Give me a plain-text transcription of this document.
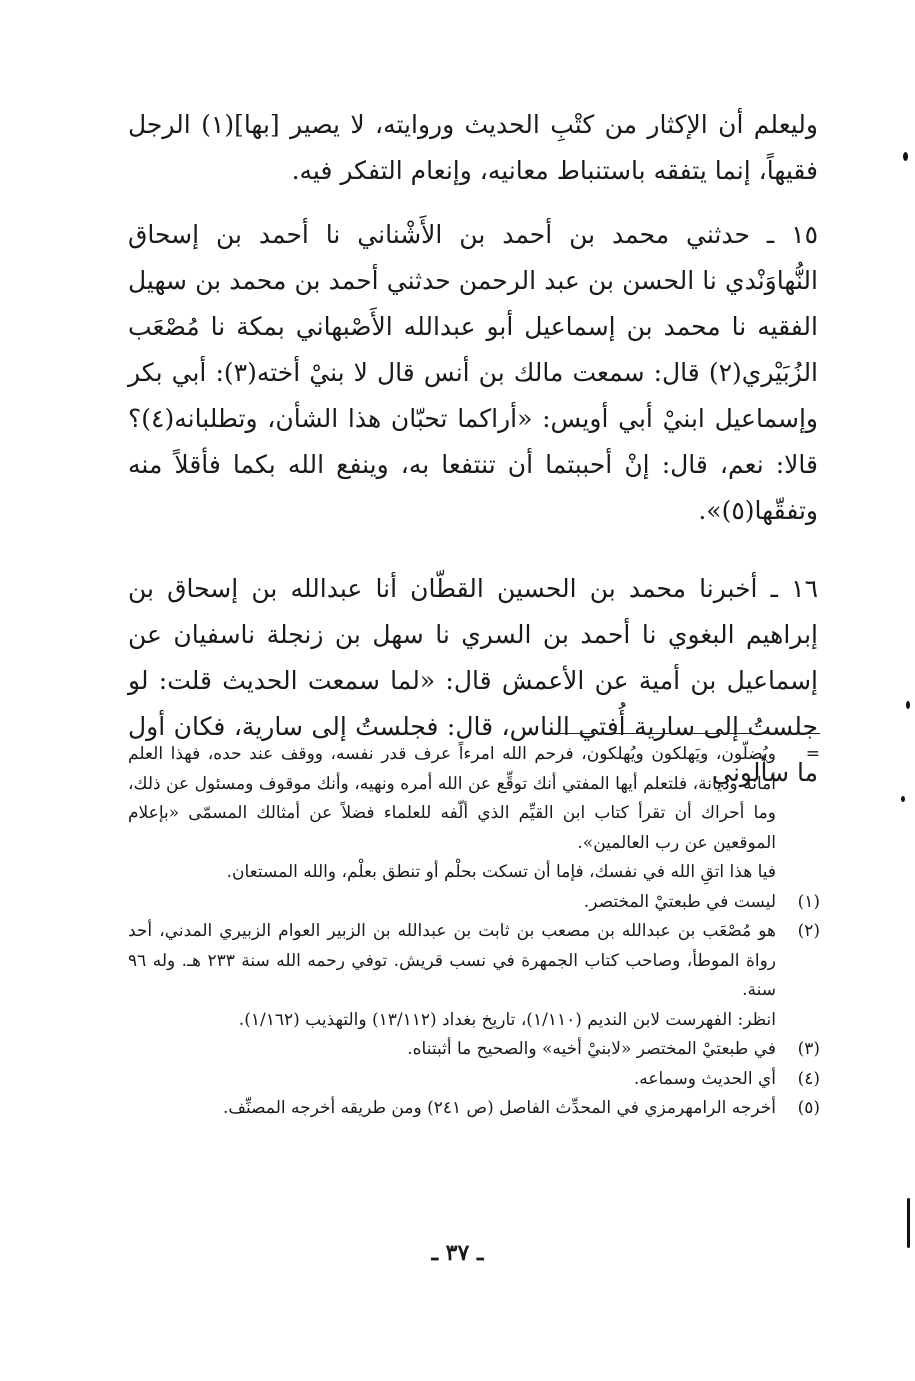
وليعلم أن الإكثار من كتْبِ الحديث وروايته، لا يصير [بها](١) الرجل فقيهاً، إنما يتفقه باستنباط معانيه، وإنعام التفكر فيه.

١٥ ـ حدثني محمد بن أحمد بن الأَشْناني نا أحمد بن إسحاق النُّهاوَنْدي نا الحسن بن عبد الرحمن حدثني أحمد بن محمد بن سهيل الفقيه نا محمد بن إسماعيل أبو عبدالله الأَصْبهاني بمكة نا مُصْعَب الزُبَيْري(٢) قال: سمعت مالك بن أنس قال لا بنيْ أخته(٣): أبي بكر وإسماعيل ابنيْ أبي أويس: «أراكما تحبّان هذا الشأن، وتطلبانه(٤)؟ قالا: نعم، قال: إنْ أحببتما أن تنتفعا به، وينفع الله بكما فأقلاً منه وتفقّها(٥)».

١٦ ـ أخبرنا محمد بن الحسين القطّان أنا عبدالله بن إسحاق بن إبراهيم البغوي نا أحمد بن السري نا سهل بن زنجلة ناسفيان عن إسماعيل بن أمية عن الأعمش قال: «لما سمعت الحديث قلت: لو جلستُ إلى سارية أُفتي الناس، قال: فجلستُ إلى سارية، فكان أول ما سألوني

=
ويُضلّون، ويَهلكون ويُهلكون، فرحم الله امرءاً عرف قدر نفسه، ووقف عند حده، فهذا العلم أمانة وديانة، فلتعلم أيها المفتي أنك توقِّع عن الله أمره ونهيه، وأنك موقوف ومسئول عن ذلك، وما أحراك أن تقرأ كتاب ابن القيِّم الذي ألّفه للعلماء فضلاً عن أمثالك المسمّى «بإعلام الموقعين عن رب العالمين».
فيا هذا اتقِ الله في نفسك، فإما أن تسكت بحلْم أو تنطق بعلْم، والله المستعان.
(١)
ليست في طبعتيْ المختصر.
(٢)
هو مُصْعَب بن عبدالله بن مصعب بن ثابت بن عبدالله بن الزبير العوام الزبيري المدني، أحد رواة الموطأ، وصاحب كتاب الجمهرة في نسب قريش. توفي رحمه الله سنة ٢٣٣ هـ. وله ٩٦ سنة.
انظر: الفهرست لابن النديم (١/١١٠)، تاريخ بغداد (١٣/١١٢) والتهذيب (١/١٦٢).
(٣)
في طبعتيْ المختصر «لابنيْ أخيه» والصحيح ما أثبتناه.
(٤)
أي الحديث وسماعه.
(٥)
أخرجه الرامهرمزي في المحدِّث الفاصل (ص ٢٤١) ومن طريقه أخرجه المصنِّف.
ـ ٣٧ ـ
